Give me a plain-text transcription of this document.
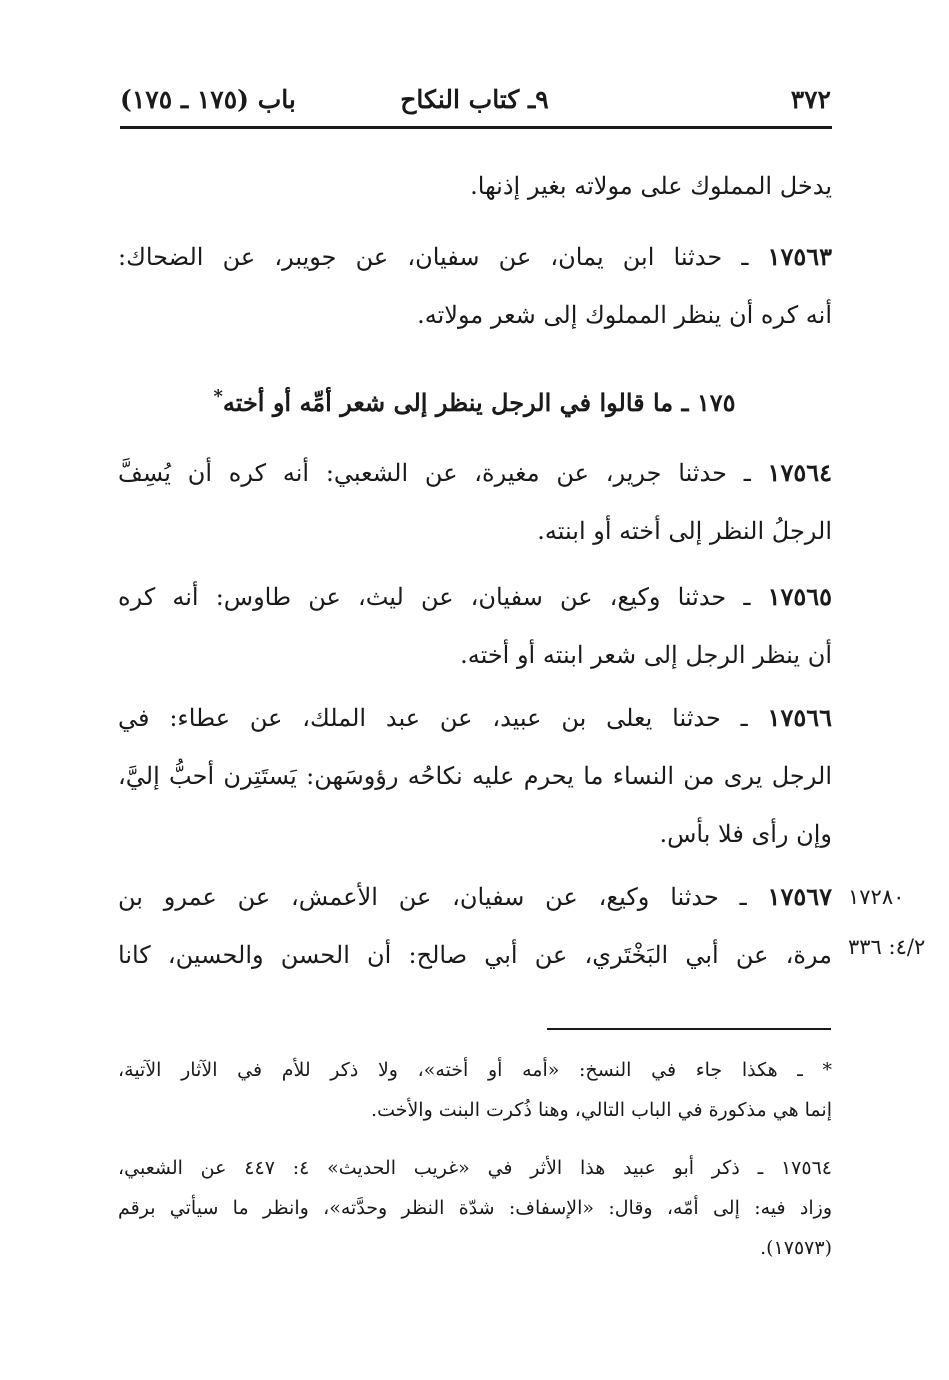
٣٧٢
٩ـ كتاب النكاح
باب (١٧٥ ـ ١٧٥)
يدخل المملوك على مولاته بغير إذنها.
١٧٥٦٣ ـ حدثنا ابن يمان، عن سفيان، عن جويبر، عن الضحاك:
أنه كره أن ينظر المملوك إلى شعر مولاته.
١٧٥ ـ ما قالوا في الرجل ينظر إلى شعر أمِّه أو أخته*
١٧٥٦٤ ـ حدثنا جرير، عن مغيرة، عن الشعبي: أنه كره أن يُسِفَّ
الرجلُ النظر إلى أخته أو ابنته.
١٧٥٦٥ ـ حدثنا وكيع، عن سفيان، عن ليث، عن طاوس: أنه كره
أن ينظر الرجل إلى شعر ابنته أو أخته.
١٧٥٦٦ ـ حدثنا يعلى بن عبيد، عن عبد الملك، عن عطاء: في
الرجل يرى من النساء ما يحرم عليه نكاحُه رؤوسَهن: يَستَتِرن أحبُّ إليَّ،
وإن رأى فلا بأس.
١٧٥٦٧ ـ حدثنا وكيع، عن سفيان، عن الأعمش، عن عمرو بن
مرة، عن أبي البَخْتَري، عن أبي صالح: أن الحسن والحسين، كانا
١٧٢٨٠
٤/٢: ٣٣٦
* ـ هكذا جاء في النسخ: «أمه أو أخته»، ولا ذكر للأم في الآثار الآتية،
إنما هي مذكورة في الباب التالي، وهنا ذُكرت البنت والأخت.
١٧٥٦٤ ـ ذكر أبو عبيد هذا الأثر في «غريب الحديث» ٤: ٤٤٧ عن الشعبي،
وزاد فيه: إلى أمّه، وقال: «الإسفاف: شدّة النظر وحدَّته»، وانظر ما سيأتي برقم
(١٧٥٧٣).
